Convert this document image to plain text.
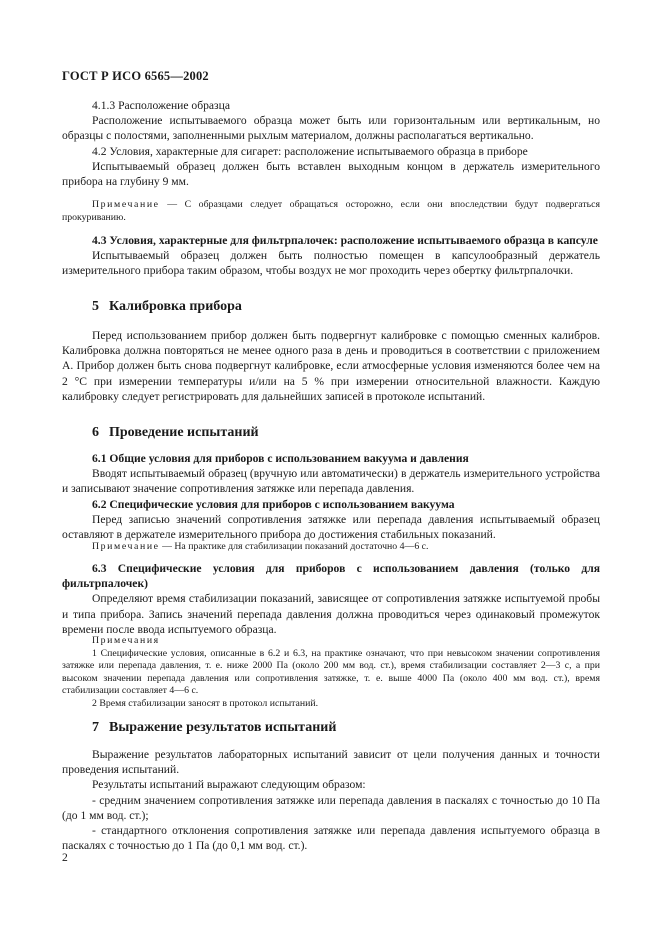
ГОСТ Р ИСО 6565—2002

4.1.3 Расположение образца

Расположение испытываемого образца может быть или горизонтальным или вертикальным, но образцы с полостями, заполненными рыхлым материалом, должны располагаться вертикально.

4.2 Условия, характерные для сигарет: расположение испытываемого образца в приборе

Испытываемый образец должен быть вставлен выходным концом в держатель измерительного прибора на глубину 9 мм.

Примечание — С образцами следует обращаться осторожно, если они впоследствии будут подвергаться прокуриванию.

4.3 Условия, характерные для фильтрпалочек: расположение испытываемого образца в капсуле

Испытываемый образец должен быть полностью помещен в капсулообразный держатель измерительного прибора таким образом, чтобы воздух не мог проходить через обертку фильтрпалочки.

5 Калибровка прибора

Перед использованием прибор должен быть подвергнут калибровке с помощью сменных калибров. Калибровка должна повторяться не менее одного раза в день и проводиться в соответствии с приложением А. Прибор должен быть снова подвергнут калибровке, если атмосферные условия изменяются более чем на 2 °С при измерении температуры и/или на 5 % при измерении относительной влажности. Каждую калибровку следует регистрировать для дальнейших записей в протоколе испытаний.

6 Проведение испытаний

6.1 Общие условия для приборов с использованием вакуума и давления

Вводят испытываемый образец (вручную или автоматически) в держатель измерительного устройства и записывают значение сопротивления затяжке или перепада давления.

6.2 Специфические условия для приборов с использованием вакуума

Перед записью значений сопротивления затяжке или перепада давления испытываемый образец оставляют в держателе измерительного прибора до достижения стабильных показаний.

Примечание — На практике для стабилизации показаний достаточно 4—6 с.

6.3 Специфические условия для приборов с использованием давления (только для фильтрпалочек)

Определяют время стабилизации показаний, зависящее от сопротивления затяжке испытуемой пробы и типа прибора. Запись значений перепада давления должна проводиться через одинаковый промежуток времени после ввода испытуемого образца.

Примечания
1 Специфические условия, описанные в 6.2 и 6.3, на практике означают, что при невысоком значении сопротивления затяжке или перепада давления, т. е. ниже 2000 Па (около 200 мм вод. ст.), время стабилизации составляет 2—3 с, а при высоком значении перепада давления или сопротивления затяжке, т. е. выше 4000 Па (около 400 мм вод. ст.), время стабилизации составляет 4—6 с.
2 Время стабилизации заносят в протокол испытаний.
7 Выражение результатов испытаний

Выражение результатов лабораторных испытаний зависит от цели получения данных и точности проведения испытаний.

Результаты испытаний выражают следующим образом:

- средним значением сопротивления затяжке или перепада давления в паскалях с точностью до 10 Па (до 1 мм вод. ст.);

- стандартного отклонения сопротивления затяжке или перепада давления испытуемого образца в паскалях с точностью до 1 Па (до 0,1 мм вод. ст.).

2
